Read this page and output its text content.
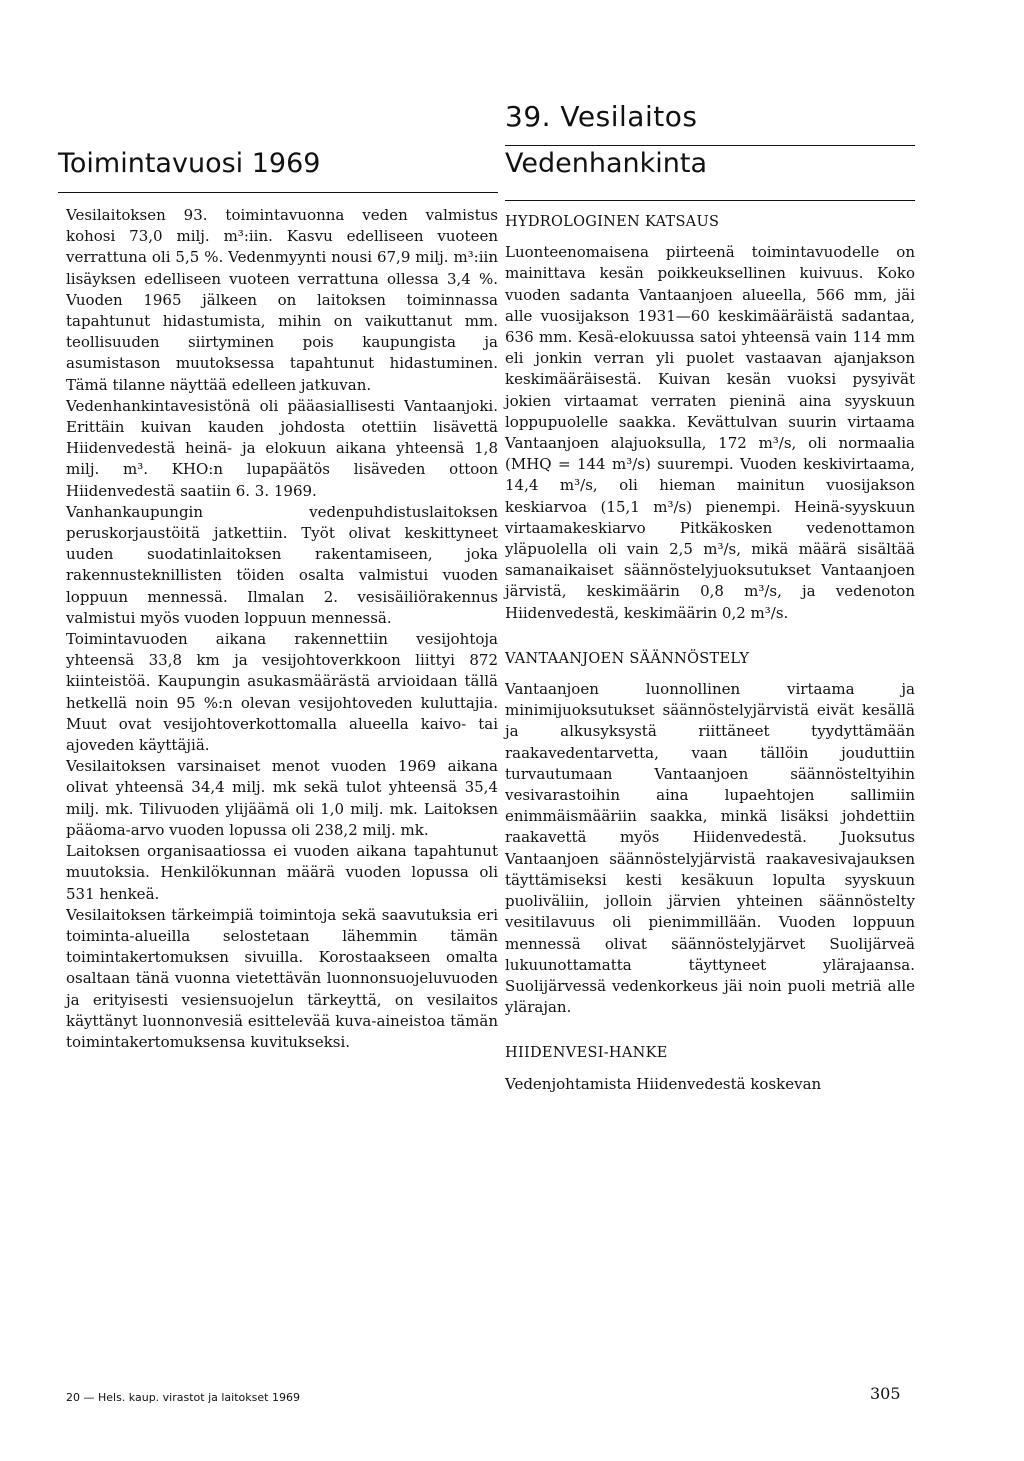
39. Vesilaitos
Toimintavuosi 1969	Vedenhankinta

Vesilaitoksen 93. toimintavuonna veden valmistus kohosi 73,0 milj. m³:iin. Kasvu edelliseen vuoteen verrattuna oli 5,5 %. Vedenmyynti nousi 67,9 milj. m³:iin lisäyksen edelliseen vuoteen verrattuna ollessa 3,4 %. Vuoden 1965 jälkeen on laitoksen toiminnassa tapahtunut hidastumista, mihin on vaikuttanut mm. teollisuuden siirtyminen pois kaupungista ja asumistason muutoksessa tapahtunut hidastuminen. Tämä tilanne näyttää edelleen jatkuvan.

Vedenhankintavesistönä oli pääasiallisesti Vantaanjoki. Erittäin kuivan kauden johdosta otettiin lisävettä Hiidenvedestä heinä- ja elokuun aikana yhteensä 1,8 milj. m³. KHO:n lupapäätös lisäveden ottoon Hiidenvedestä saatiin 6. 3. 1969.

Vanhankaupungin vedenpuhdistuslaitoksen peruskorjaustöitä jatkettiin. Työt olivat keskittyneet uuden suodatinlaitoksen rakentamiseen, joka rakennusteknillisten töiden osalta valmistui vuoden loppuun mennessä. Ilmalan 2. vesisäiliörakennus valmistui myös vuoden loppuun mennessä.

Toimintavuoden aikana rakennettiin vesijohtoja yhteensä 33,8 km ja vesijohtoverkkoon liittyi 872 kiinteistöä. Kaupungin asukasmäärästä arvioidaan tällä hetkellä noin 95 %:n olevan vesijohtoveden kuluttajia. Muut ovat vesijohtoverkottomalla alueella kaivo- tai ajoveden käyttäjiä.

Vesilaitoksen varsinaiset menot vuoden 1969 aikana olivat yhteensä 34,4 milj. mk sekä tulot yhteensä 35,4 milj. mk. Tilivuoden ylijäämä oli 1,0 milj. mk. Laitoksen pääoma-arvo vuoden lopussa oli 238,2 milj. mk.

Laitoksen organisaatiossa ei vuoden aikana tapahtunut muutoksia. Henkilökunnan määrä vuoden lopussa oli 531 henkeä.

Vesilaitoksen tärkeimpiä toimintoja sekä saavutuksia eri toiminta-alueilla selostetaan lähemmin tämän toimintakertomuksen sivuilla. Korostaakseen omalta osaltaan tänä vuonna vietettävän luonnonsuojeluvuoden ja erityisesti vesiensuojelun tärkeyttä, on vesilaitos käyttänyt luonnonvesiä esittelevää kuva-aineistoa tämän toimintakertomuksensa kuvitukseksi.

HYDROLOGINEN KATSAUS

Luonteenomaisena piirteenä toimintavuodelle on mainittava kesän poikkeuksellinen kuivuus. Koko vuoden sadanta Vantaanjoen alueella, 566 mm, jäi alle vuosijakson 1931—60 keskimääräistä sadantaa, 636 mm. Kesä-elokuussa satoi yhteensä vain 114 mm eli jonkin verran yli puolet vastaavan ajanjakson keskimääräisestä. Kuivan kesän vuoksi pysyivät jokien virtaamat verraten pieninä aina syyskuun loppupuolelle saakka. Kevättulvan suurin virtaama Vantaanjoen alajuoksulla, 172 m³/s, oli normaalia (MHQ = 144 m³/s) suurempi. Vuoden keskivirtaama, 14,4 m³/s, oli hieman mainitun vuosijakson keskiarvoa (15,1 m³/s) pienempi. Heinä-syyskuun virtaamakeskiarvo Pitkäkosken vedenottamon yläpuolella oli vain 2,5 m³/s, mikä määrä sisältää samanaikaiset säännöstelyjuoksutukset Vantaanjoen järvistä, keskimäärin 0,8 m³/s, ja vedenoton Hiidenvedestä, keskimäärin 0,2 m³/s.

VANTAANJOEN SÄÄNNÖSTELY

Vantaanjoen luonnollinen virtaama ja minimijuoksutukset säännöstelyjärvistä eivät kesällä ja alkusyksystä riittäneet tyydyttämään raakavedentarvetta, vaan tällöin jouduttiin turvautumaan Vantaanjoen säännösteltyihin vesivarastoihin aina lupaehtojen sallimiin enimmäismääriin saakka, minkä lisäksi johdettiin raakavettä myös Hiidenvedestä. Juoksutus Vantaanjoen säännöstelyjärvistä raakavesivajauksen täyttämiseksi kesti kesäkuun lopulta syyskuun puoliväliin, jolloin järvien yhteinen säännöstelty vesitilavuus oli pienimmillään. Vuoden loppuun mennessä olivat säännöstelyjärvet Suolijärveä lukuunottamatta täyttyneet ylärajaansa. Suolijärvessä vedenkorkeus jäi noin puoli metriä alle ylärajan.

HIIDENVESI-HANKE

Vedenjohtamista Hiidenvedestä koskevan

20 — Hels. kaup. virastot ja laitokset 1969	305
